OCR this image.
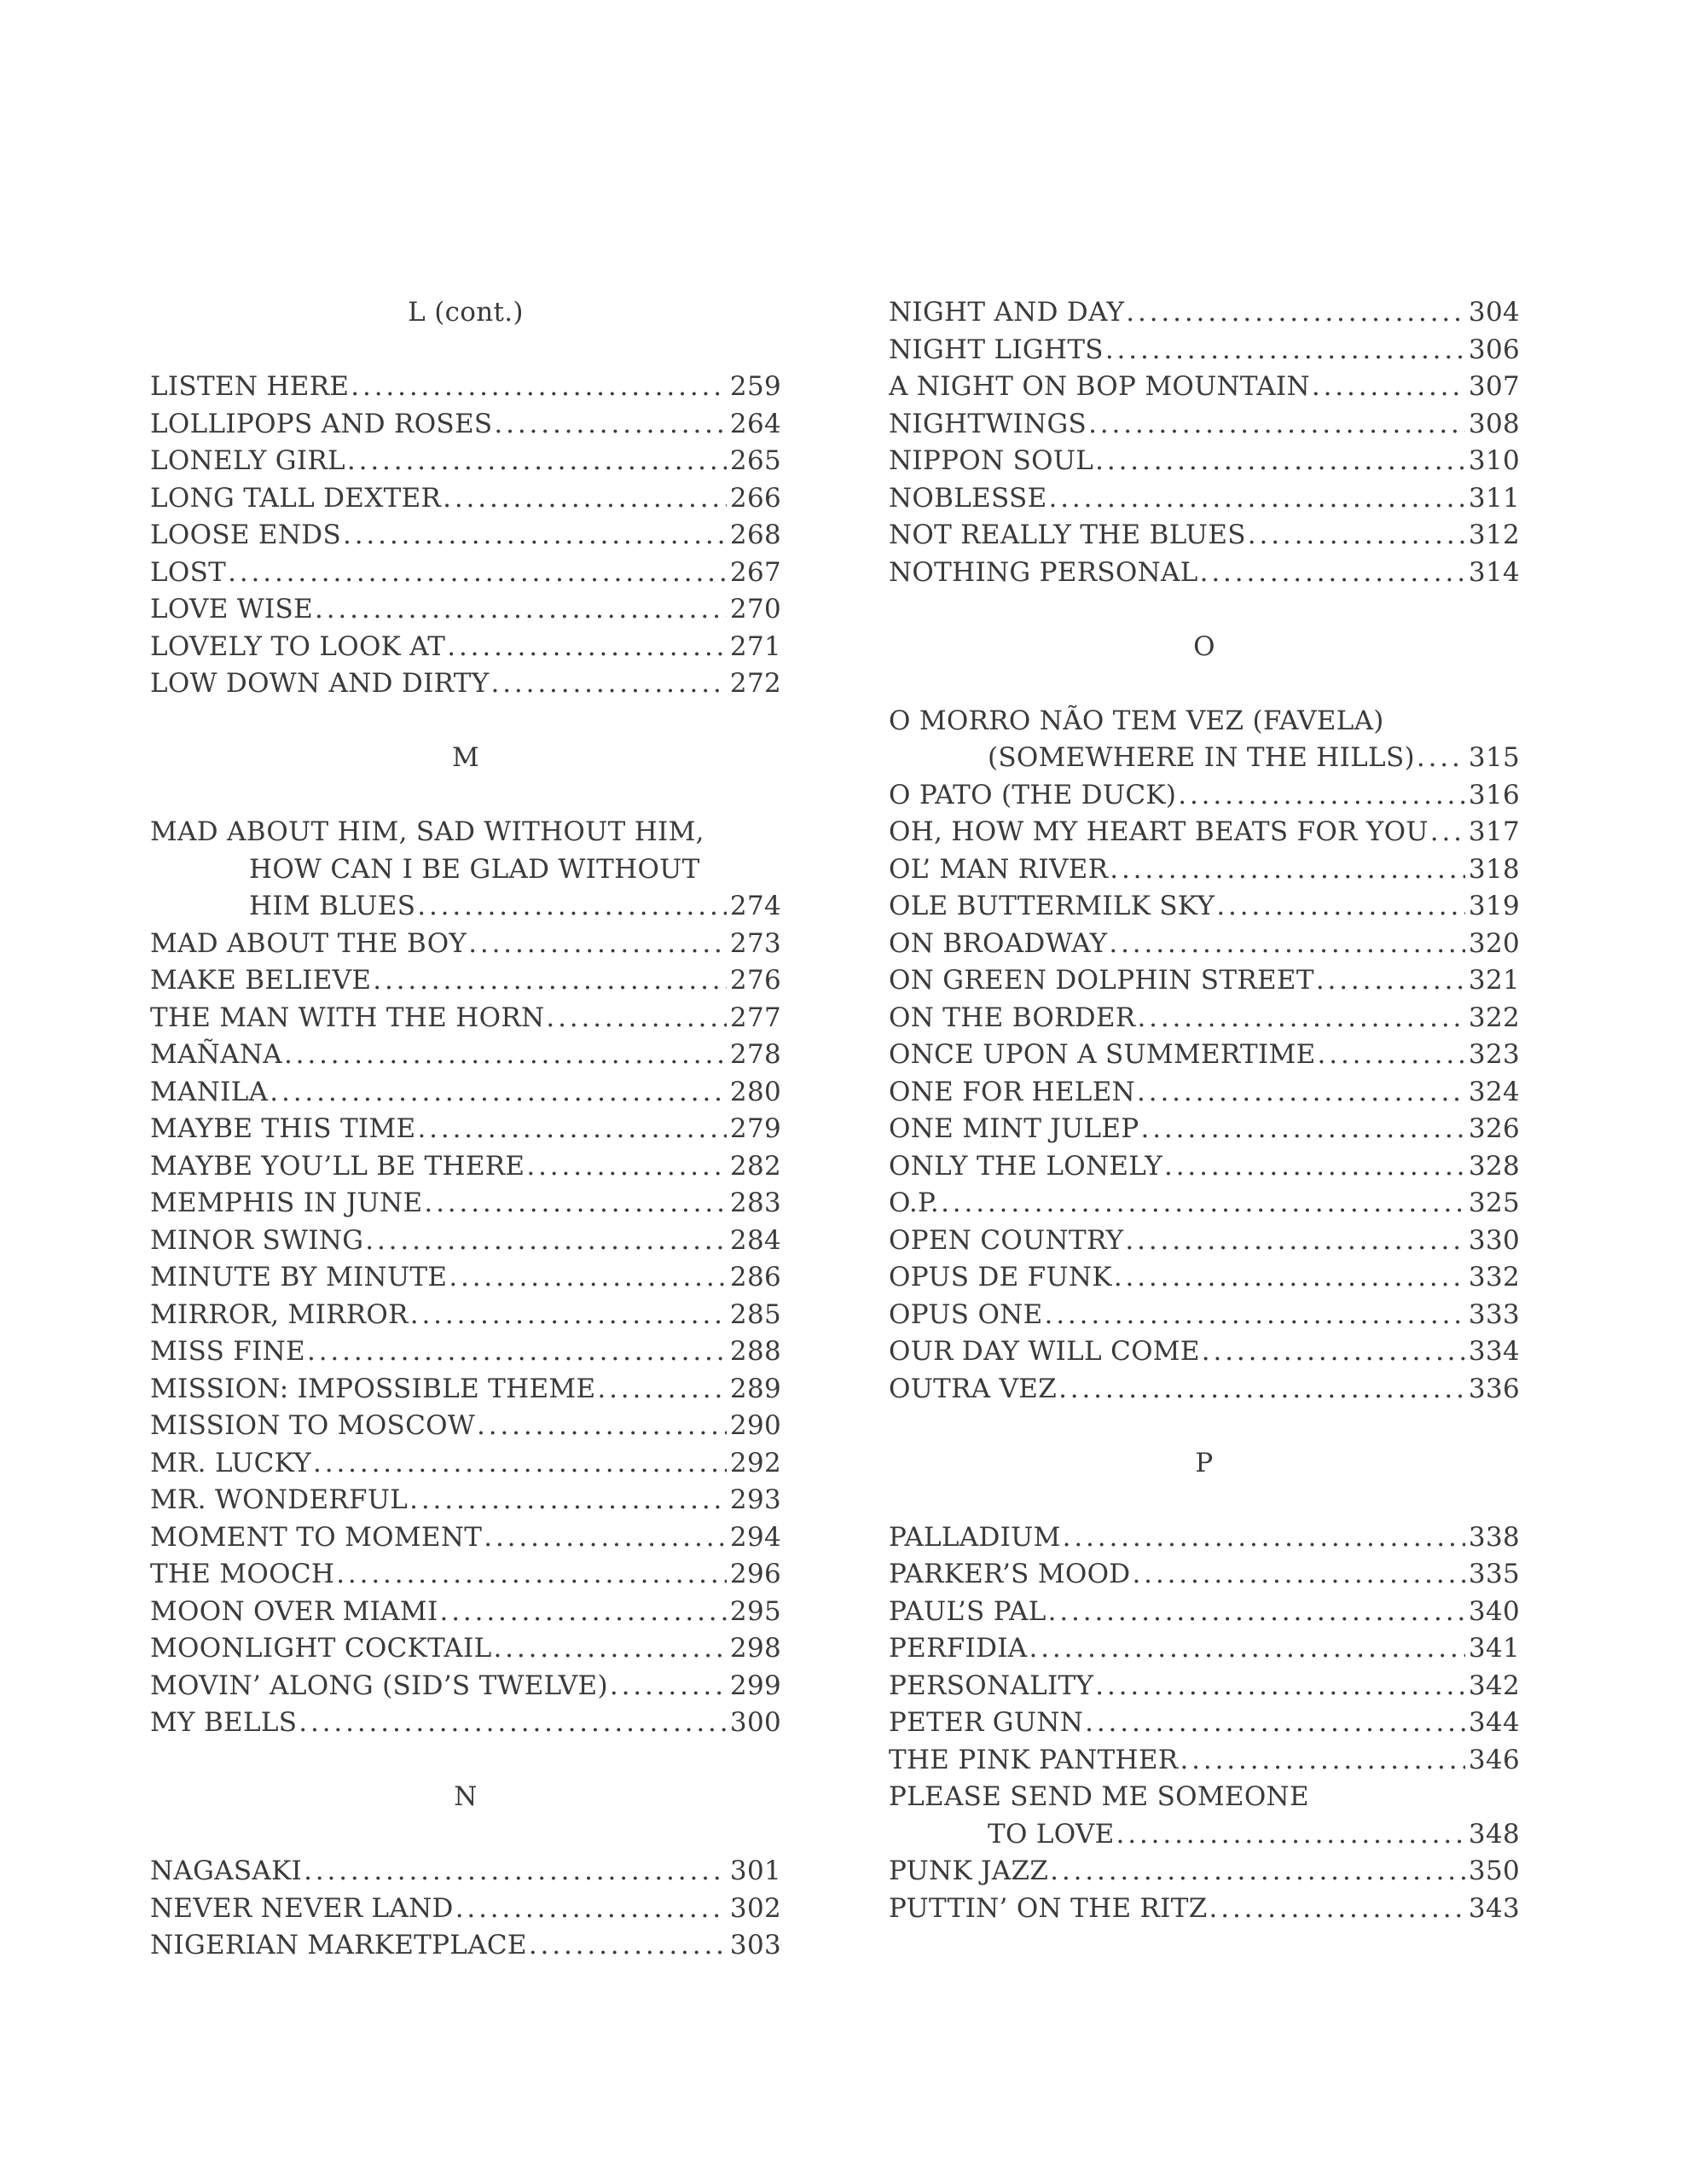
L (cont.)
LISTEN HERE . . .	259
LOLLIPOPS AND ROSES . . .	264
LONELY GIRL . . .	265
LONG TALL DEXTER . . .	266
LOOSE ENDS . . .	268
LOST . . .	267
LOVE WISE . . .	270
LOVELY TO LOOK AT . . .	271
LOW DOWN AND DIRTY . . .	272
M
MAD ABOUT HIM, SAD WITHOUT HIM,
HOW CAN I BE GLAD WITHOUT
HIM BLUES . . .	274
MAD ABOUT THE BOY . . .	273
MAKE BELIEVE . . .	276
THE MAN WITH THE HORN . . .	277
MAÑANA . . .	278
MANILA . . .	280
MAYBE THIS TIME . . .	279
MAYBE YOU’LL BE THERE . . .	282
MEMPHIS IN JUNE . . .	283
MINOR SWING . . .	284
MINUTE BY MINUTE . . .	286
MIRROR, MIRROR . . .	285
MISS FINE . . .	288
MISSION: IMPOSSIBLE THEME . . .	289
MISSION TO MOSCOW . . .	290
MR. LUCKY . . .	292
MR. WONDERFUL . . .	293
MOMENT TO MOMENT . . .	294
THE MOOCH . . .	296
MOON OVER MIAMI . . .	295
MOONLIGHT COCKTAIL . . .	298
MOVIN’ ALONG (SID’S TWELVE) . . .	299
MY BELLS . . .	300
N
NAGASAKI . . .	301
NEVER NEVER LAND . . .	302
NIGERIAN MARKETPLACE . . .	303
NIGHT AND DAY . . .	304
NIGHT LIGHTS . . .	306
A NIGHT ON BOP MOUNTAIN . . .	307
NIGHTWINGS . . .	308
NIPPON SOUL . . .	310
NOBLESSE . . .	311
NOT REALLY THE BLUES . . .	312
NOTHING PERSONAL . . .	314
O
O MORRO NÃO TEM VEZ (FAVELA)
(SOMEWHERE IN THE HILLS) . . . 315
O PATO (THE DUCK) . . .	316
OH, HOW MY HEART BEATS FOR YOU . . . 317
OL’ MAN RIVER . . .	318
OLE BUTTERMILK SKY . . .	319
ON BROADWAY . . .	320
ON GREEN DOLPHIN STREET . . .	321
ON THE BORDER . . .	322
ONCE UPON A SUMMERTIME . . .	323
ONE FOR HELEN . . .	324
ONE MINT JULEP . . .	326
ONLY THE LONELY . . .	328
O.P. . . .	325
OPEN COUNTRY . . .	330
OPUS DE FUNK . . .	332
OPUS ONE . . .	333
OUR DAY WILL COME . . .	334
OUTRA VEZ . . .	336
P
PALLADIUM . . .	338
PARKER’S MOOD . . .	335
PAUL’S PAL . . .	340
PERFIDIA . . .	341
PERSONALITY . . .	342
PETER GUNN . . .	344
THE PINK PANTHER . . .	346
PLEASE SEND ME SOMEONE
TO LOVE . . .	348
PUNK JAZZ . . .	350
PUTTIN’ ON THE RITZ . . .	343
